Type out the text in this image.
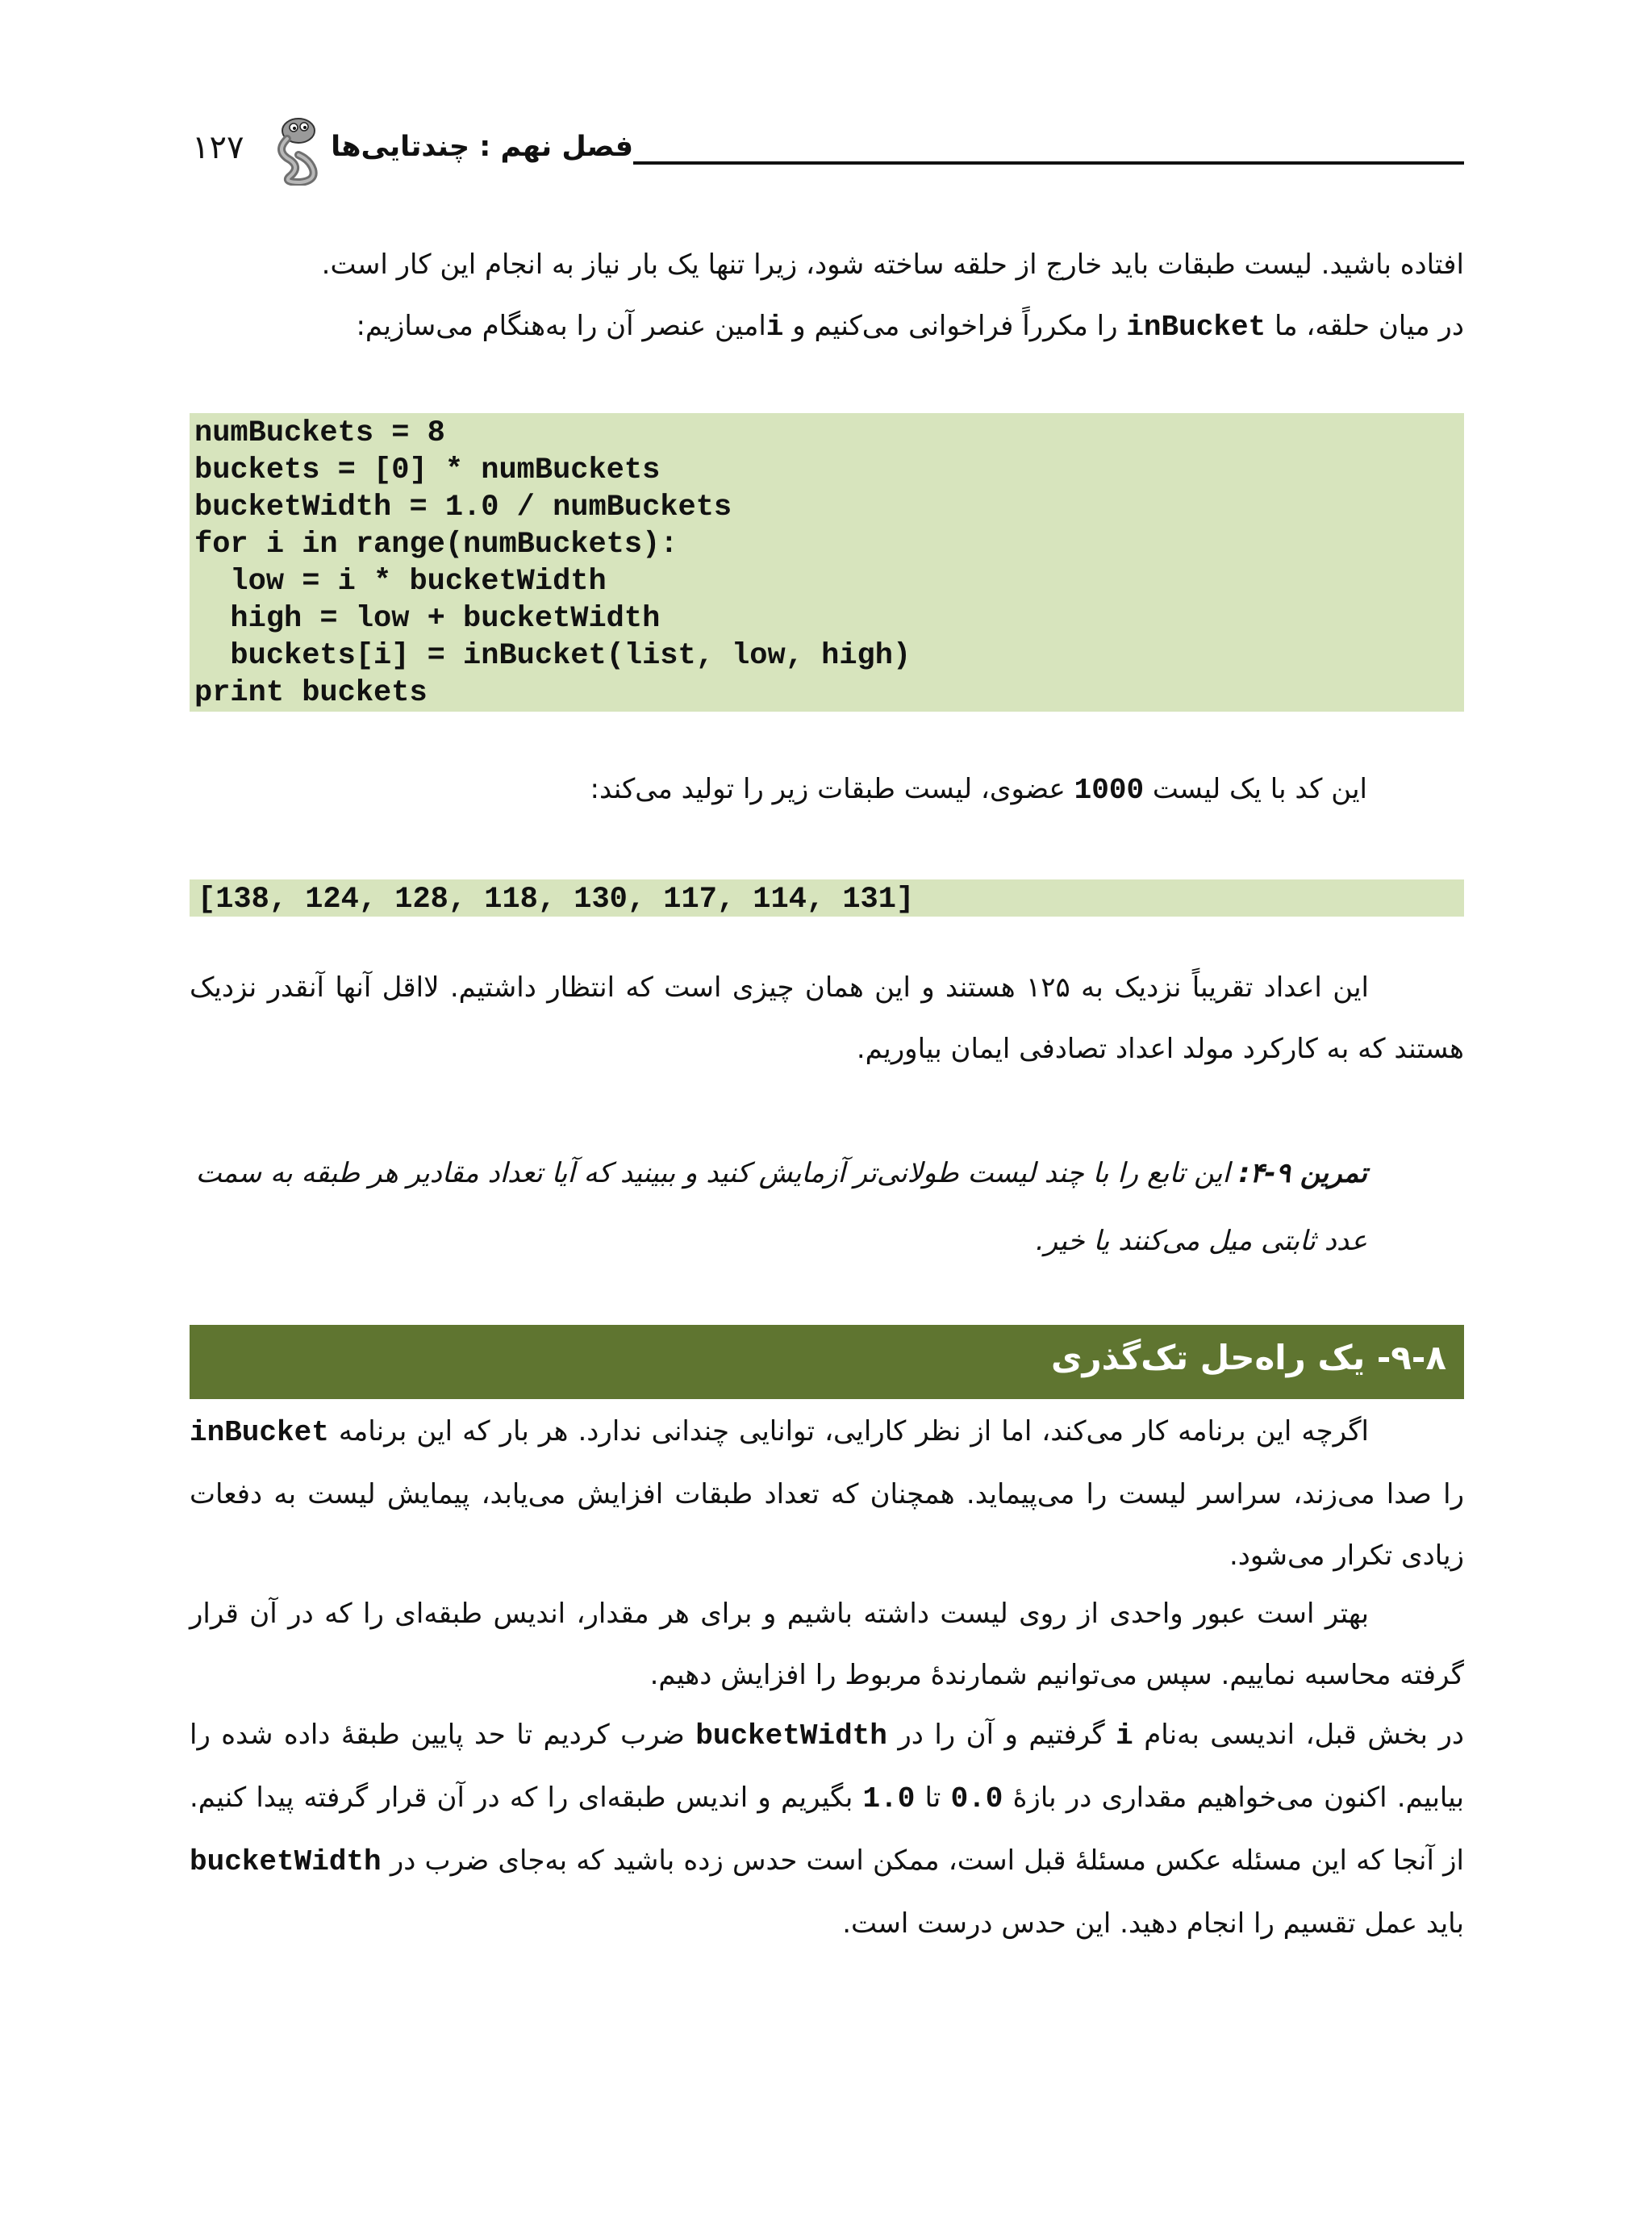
فصل نهم : چندتایی‌ها
۱۲۷
افتاده باشید. لیست طبقات باید خارج از حلقه ساخته شود، زیرا تنها یک بار نیاز به انجام این کار است.
در میان حلقه، ما inBucket را مکرراً فراخوانی می‌کنیم و iامین عنصر آن را به‌هنگام می‌سازیم:
numBuckets = 8
buckets = [0] * numBuckets
bucketWidth = 1.0 / numBuckets
for i in range(numBuckets):
low = i * bucketWidth
high = low + bucketWidth
buckets[i] = inBucket(list, low, high)
print buckets
این کد با یک لیست 1000 عضوی، لیست طبقات زیر را تولید می‌کند:
[138, 124, 128, 118, 130, 117, 114, 131]
این اعداد تقریباً نزدیک به ۱۲۵ هستند و این همان چیزی است که انتظار داشتیم. لااقل آنها آنقدر نزدیک هستند که به کارکرد مولد اعداد تصادفی ایمان بیاوریم.
تمرین ۹-۴: این تابع را با چند لیست طولانی‌تر آزمایش کنید و ببینید که آیا تعداد مقادیر هر طبقه به سمت عدد ثابتی میل می‌کنند یا خیر.
۹-۸- یک راه‌حل تک‌گذری
اگرچه این برنامه کار می‌کند، اما از نظر کارایی، توانایی چندانی ندارد. هر بار که این برنامه inBucket را صدا می‌زند، سراسر لیست را می‌پیماید. همچنان که تعداد طبقات افزایش می‌یابد، پیمایش لیست به دفعات زیادی تکرار می‌شود.
بهتر است عبور واحدی از روی لیست داشته باشیم و برای هر مقدار، اندیس طبقه‌ای را که در آن قرار گرفته محاسبه نماییم. سپس می‌توانیم شمارندهٔ مربوط را افزایش دهیم.
در بخش قبل، اندیسی به‌نام i گرفتیم و آن را در bucketWidth ضرب کردیم تا حد پایین طبقهٔ داده شده را بیابیم. اکنون می‌خواهیم مقداری در بازهٔ 0.0 تا 1.0 بگیریم و اندیس طبقه‌ای را که در آن قرار گرفته پیدا کنیم. از آنجا که این مسئله عکس مسئلهٔ قبل است، ممکن است حدس زده باشید که به‌جای ضرب در bucketWidth باید عمل تقسیم را انجام دهید. این حدس درست است.
